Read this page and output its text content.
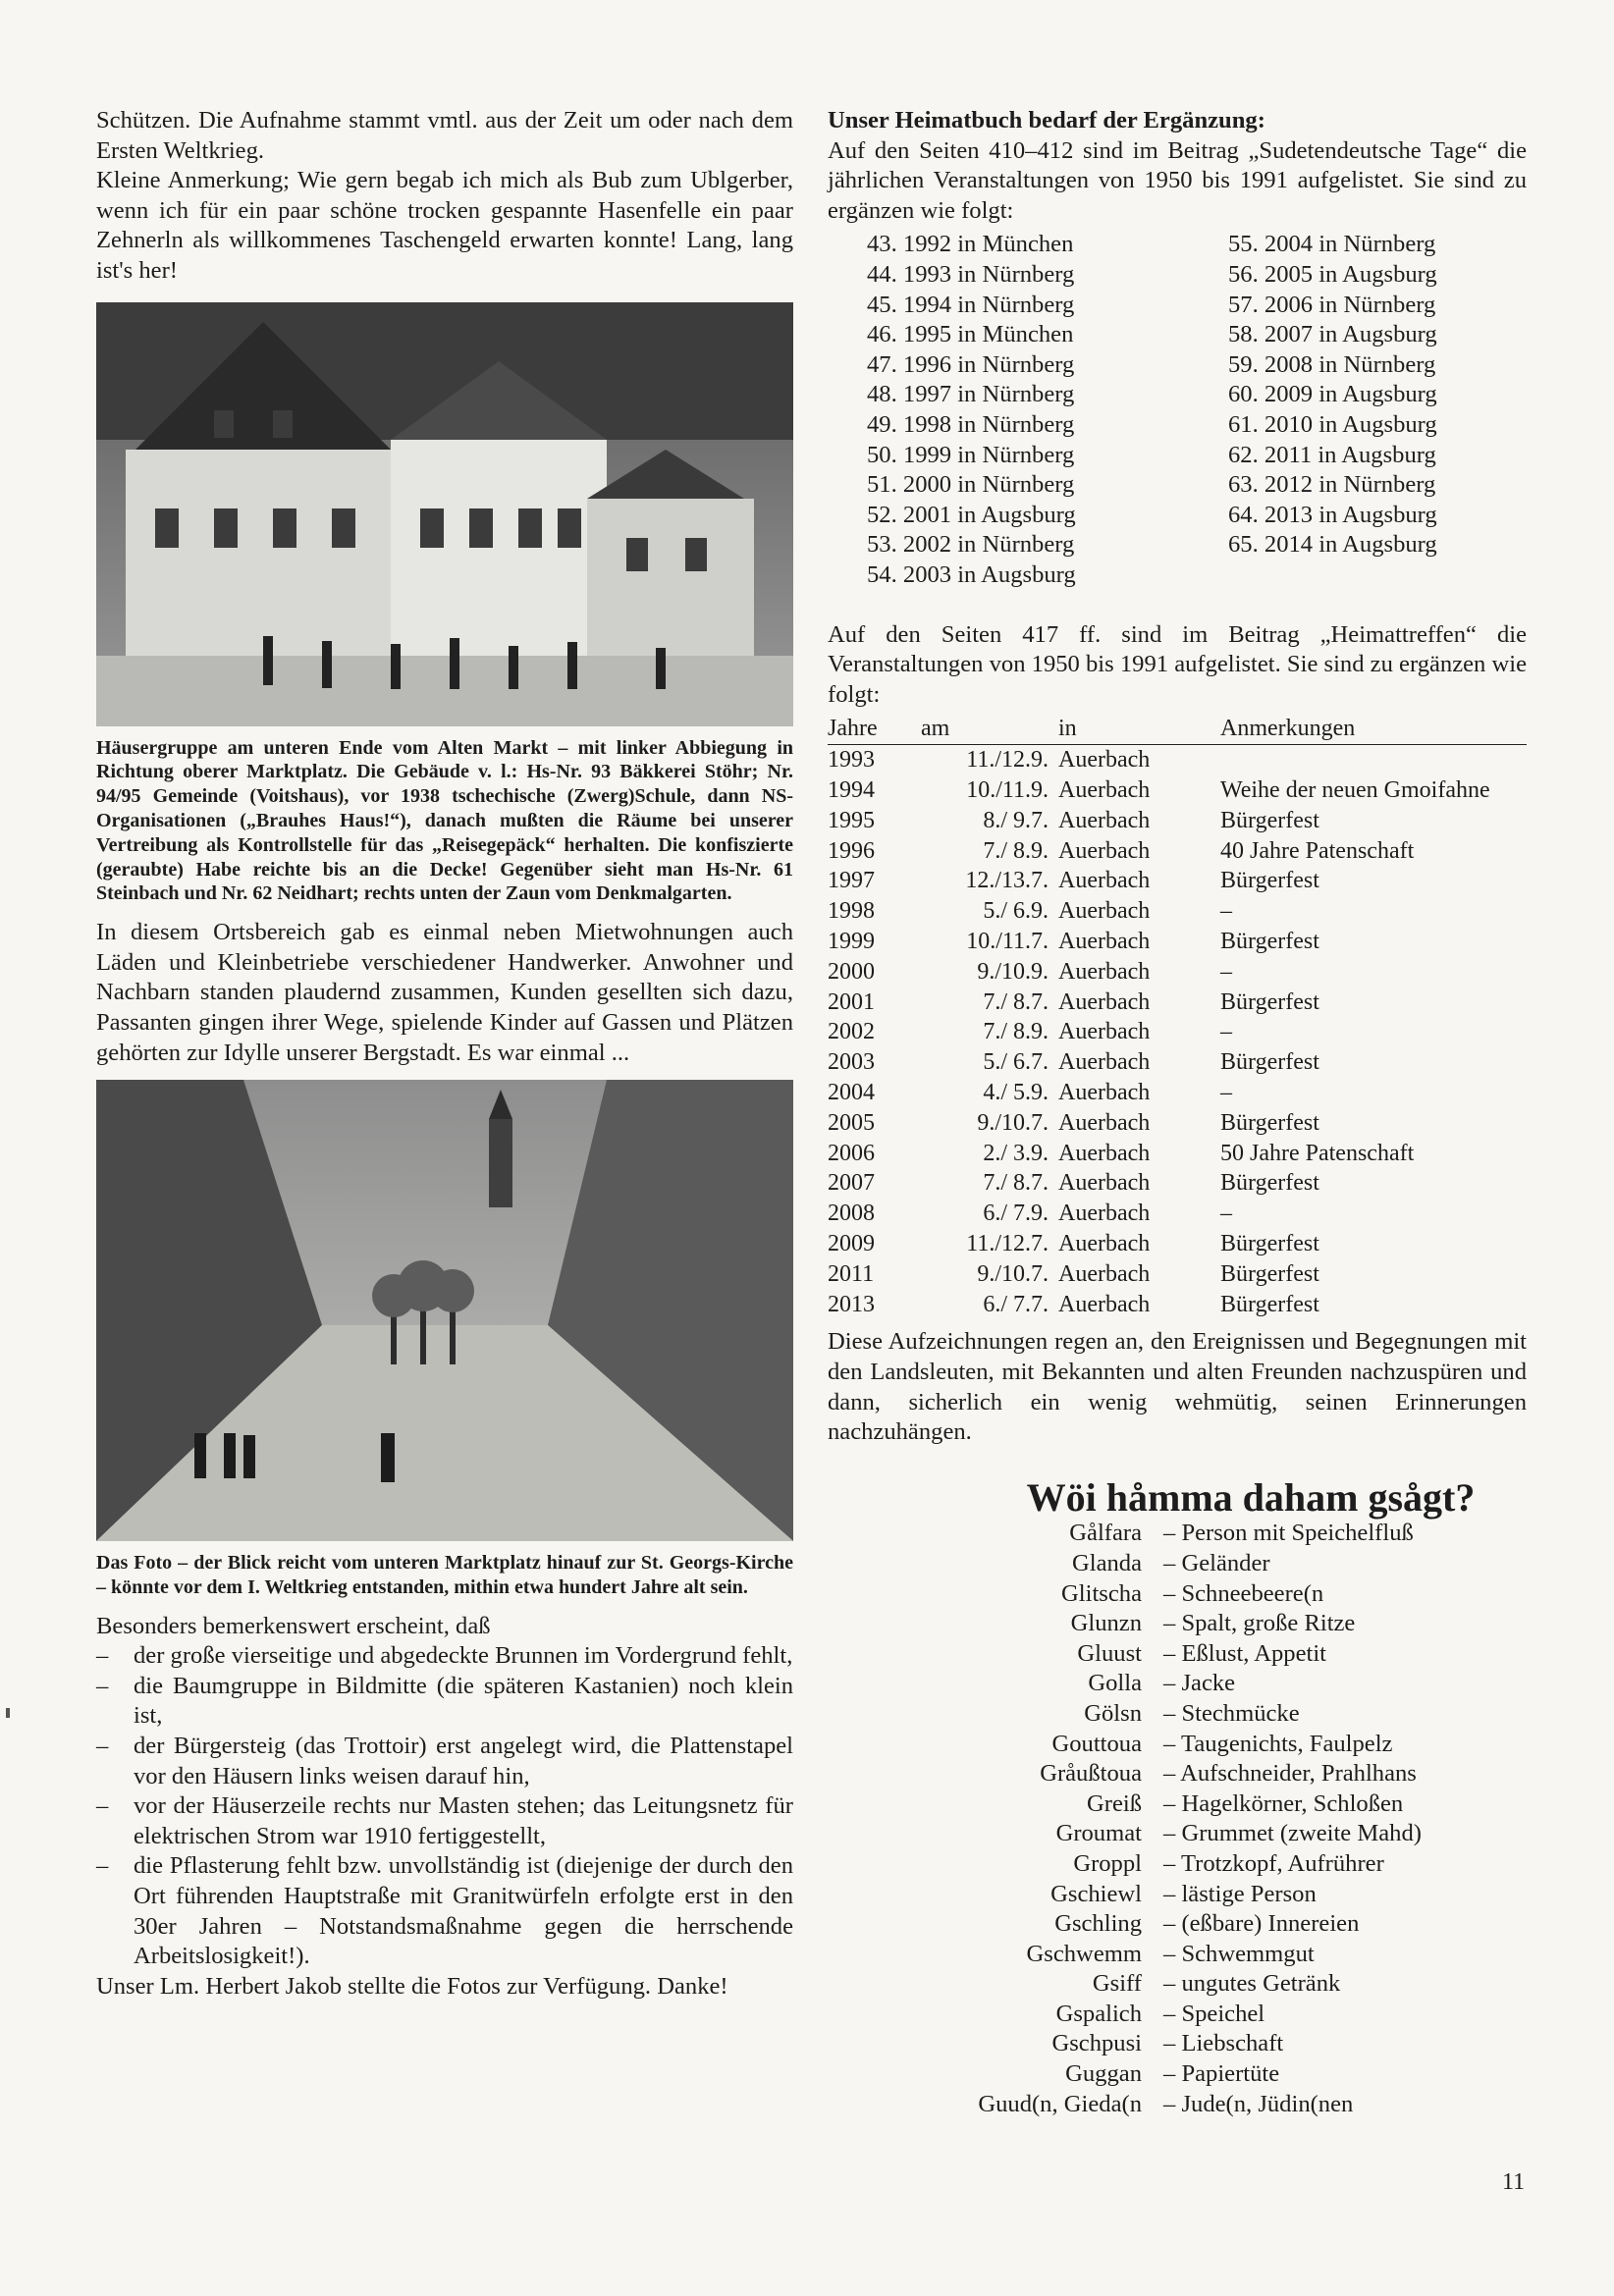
Schützen. Die Aufnahme stammt vmtl. aus der Zeit um oder nach dem Ersten Weltkrieg.

Kleine Anmerkung; Wie gern begab ich mich als Bub zum Ublgerber, wenn ich für ein paar schöne trocken gespannte Hasenfelle ein paar Zehnerln als willkommenes Taschengeld erwarten konnte! Lang, lang ist's her!

Häusergruppe am unteren Ende vom Alten Markt – mit linker Abbiegung in Richtung oberer Marktplatz. Die Gebäude v. l.: Hs-Nr. 93 Bäkkerei Stöhr; Nr. 94/95 Gemeinde (Voitshaus), vor 1938 tschechische (Zwerg)Schule, dann NS-Organisationen („Brauhes Haus!“), danach mußten die Räume bei unserer Vertreibung als Kontrollstelle für das „Reisegepäck“ herhalten. Die konfiszierte (geraubte) Habe reichte bis an die Decke! Gegenüber sieht man Hs-Nr. 61 Steinbach und Nr. 62 Neidhart; rechts unten der Zaun vom Denkmalgarten.

In diesem Ortsbereich gab es einmal neben Mietwohnungen auch Läden und Kleinbetriebe verschiedener Handwerker. Anwohner und Nachbarn standen plaudernd zusammen, Kunden gesellten sich dazu, Passanten gingen ihrer Wege, spielende Kinder auf Gassen und Plätzen gehörten zur Idylle unserer Bergstadt. Es war einmal ...

Das Foto – der Blick reicht vom unteren Marktplatz hinauf zur St. Georgs-Kirche – könnte vor dem I. Weltkrieg entstanden, mithin etwa hundert Jahre alt sein.

Besonders bemerkenswert erscheint, daß

– der große vierseitige und abgedeckte Brunnen im Vordergrund fehlt,
– die Baumgruppe in Bildmitte (die späteren Kastanien) noch klein ist,
– der Bürgersteig (das Trottoir) erst angelegt wird, die Plattenstapel vor den Häusern links weisen darauf hin,
– vor der Häuserzeile rechts nur Masten stehen; das Leitungsnetz für elektrischen Strom war 1910 fertiggestellt,
– die Pflasterung fehlt bzw. unvollständig ist (diejenige der durch den Ort führenden Hauptstraße mit Granitwürfeln erfolgte erst in den 30er Jahren – Notstandsmaßnahme gegen die herrschende Arbeitslosigkeit!).

Unser Lm. Herbert Jakob stellte die Fotos zur Verfügung. Danke!

Unser Heimatbuch bedarf der Ergänzung:

Auf den Seiten 410–412 sind im Beitrag „Sudetendeutsche Tage“ die jährlichen Veranstaltungen von 1950 bis 1991 aufgelistet. Sie sind zu ergänzen wie folgt:

43. 1992 in München
44. 1993 in Nürnberg
45. 1994 in Nürnberg
46. 1995 in München
47. 1996 in Nürnberg
48. 1997 in Nürnberg
49. 1998 in Nürnberg
50. 1999 in Nürnberg
51. 2000 in Nürnberg
52. 2001 in Augsburg
53. 2002 in Nürnberg
54. 2003 in Augsburg
55. 2004 in Nürnberg
56. 2005 in Augsburg
57. 2006 in Nürnberg
58. 2007 in Augsburg
59. 2008 in Nürnberg
60. 2009 in Augsburg
61. 2010 in Augsburg
62. 2011 in Augsburg
63. 2012 in Nürnberg
64. 2013 in Augsburg
65. 2014 in Augsburg

Auf den Seiten 417 ff. sind im Beitrag „Heimattreffen“ die Veranstaltungen von 1950 bis 1991 aufgelistet. Sie sind zu ergänzen wie folgt:

Jahre	am	in	Anmerkungen
1993	11./12.9.	Auerbach	
1994	10./11.9.	Auerbach	Weihe der neuen Gmoifahne
1995	8./ 9.7.	Auerbach	Bürgerfest
1996	7./ 8.9.	Auerbach	40 Jahre Patenschaft
1997	12./13.7.	Auerbach	Bürgerfest
1998	5./ 6.9.	Auerbach	–
1999	10./11.7.	Auerbach	Bürgerfest
2000	9./10.9.	Auerbach	–
2001	7./ 8.7.	Auerbach	Bürgerfest
2002	7./ 8.9.	Auerbach	–
2003	5./ 6.7.	Auerbach	Bürgerfest
2004	4./ 5.9.	Auerbach	–
2005	9./10.7.	Auerbach	Bürgerfest
2006	2./ 3.9.	Auerbach	50 Jahre Patenschaft
2007	7./ 8.7.	Auerbach	Bürgerfest
2008	6./ 7.9.	Auerbach	–
2009	11./12.7.	Auerbach	Bürgerfest
2011	9./10.7.	Auerbach	Bürgerfest
2013	6./ 7.7.	Auerbach	Bürgerfest

Diese Aufzeichnungen regen an, den Ereignissen und Begegnungen mit den Landsleuten, mit Bekannten und alten Freunden nachzuspüren und dann, sicherlich ein wenig wehmütig, seinen Erinnerungen nachzuhängen.

Wöi håmma daham gsågt?
Gålfara – Person mit Speichelfluß
Glanda – Geländer
Glitscha – Schneebeere(n
Glunzn – Spalt, große Ritze
Gluust – Eßlust, Appetit
Golla – Jacke
Gölsn – Stechmücke
Gouttoua – Taugenichts, Faulpelz
Gråußtoua – Aufschneider, Prahlhans
Greiß – Hagelkörner, Schloßen
Groumat – Grummet (zweite Mahd)
Groppl – Trotzkopf, Aufrührer
Gschiewl – lästige Person
Gschling – (eßbare) Innereien
Gschwemm – Schwemmgut
Gsiff – ungutes Getränk
Gspalich – Speichel
Gschpusi – Liebschaft
Guggan – Papiertüte
Guud(n, Gieda(n – Jude(n, Jüdin(nen
11
